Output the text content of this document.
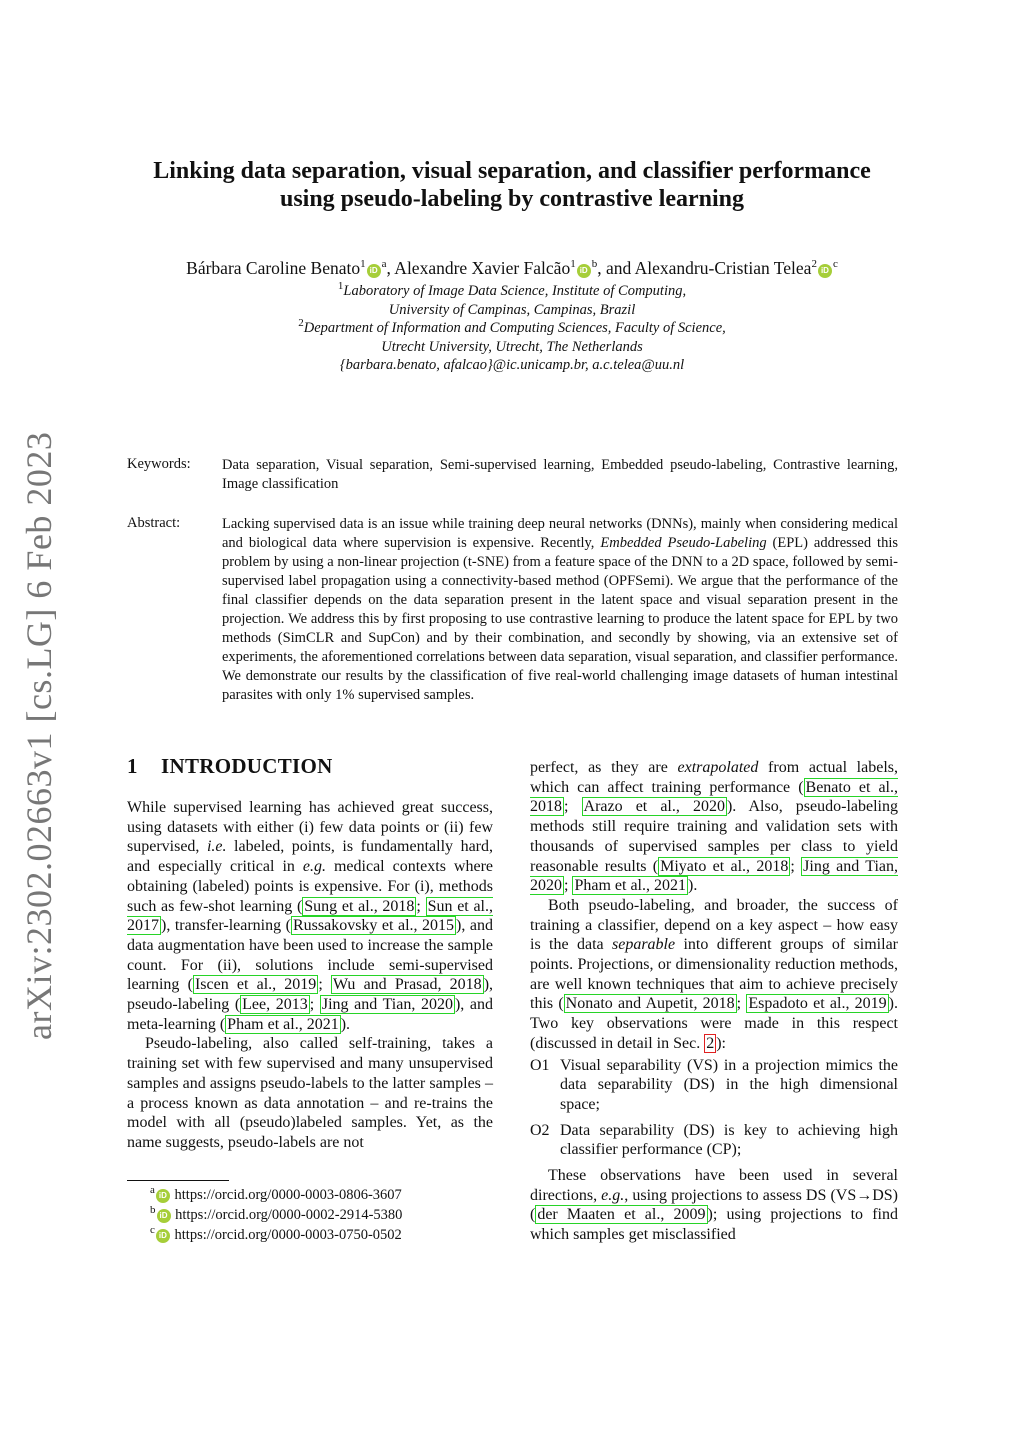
Linking data separation, visual separation, and classifier performance
using pseudo-labeling by contrastive learning
Bárbara Caroline $Benato^1iD^a$, Alexandre Xavier $Falcão^1iD^b$, and Alexandru-Cristian $Telea^2iD^c$
$^1$Laboratory of Image Data Science, Institute of Computing,
University of Campinas, Campinas, Brazil
$^2$Department of Information and Computing Sciences, Faculty of Science,
Utrecht University, Utrecht, The Netherlands
{barbara.benato, afalcao}@ic.unicamp.br, a.c.telea@uu.nl
Keywords: Data separation, Visual separation, Semi-supervised learning, Embedded pseudo-labeling, Contrastive learning, Image classification
Abstract:	Lacking supervised data is an issue while training deep neural networks (DNNs), mainly when considering medical and biological data where supervision is expensive. Recently, Embedded Pseudo-Labeling (EPL) addressed this problem by using a non-linear projection (t-SNE) from a feature space of the DNN to a 2D space, followed by semi-supervised label propagation using a connectivity-based method (OPFSemi). We argue that the performance of the final classifier depends on the data separation present in the latent space and visual separation present in the projection. We address this by first proposing to use contrastive learning to produce the latent space for EPL by two methods (SimCLR and SupCon) and by their combination, and secondly by showing, via an extensive set of experiments, the aforementioned correlations between data separation, visual separation, and classifier performance. We demonstrate our results by the classification of five real-world challenging image datasets of human intestinal parasites with only 1% supervised samples.
arXiv:2302.02663v1 [cs.LG] 6 Feb 2023	1 INTRODUCTION

While supervised learning has achieved great success, using datasets with either (i) few data points or (ii) few supervised, i.e. labeled, points, is fundamentally hard, and especially critical in e.g. medical contexts where obtaining (labeled) points is expensive. For (i), methods such as few-shot learning ( Sung et al., 2018 ; Sun et al., 2017 ), transfer-learning ( Russakovsky et al., 2015 ), and data augmentation have been used to increase the sample count. For (ii), solutions include semi-supervised learning ( Iscen et al., 2019 ; Wu and Prasad, 2018 ), pseudo-labeling ( Lee, 2013 ; Jing and Tian, 2020 ), and meta-learning ( Pham et al., 2021 ).

Pseudo-labeling, also called self-training, takes a training set with few supervised and many unsupervised samples and assigns pseudo-labels to the latter samples – a process known as data annotation – and re-trains the model with all (pseudo)labeled samples. Yet, as the name suggests, pseudo-labels are not

perfect, as they are extrapolated from actual labels, which can affect training performance ( Benato et al., 2018 ; Arazo et al., 2020 ). Also, pseudo-labeling methods still require training and validation sets with thousands of supervised samples per class to yield reasonable results ( Miyato et al., 2018 ; Jing and Tian, 2020 ; Pham et al., 2021 ).

Both pseudo-labeling, and broader, the success of training a classifier, depend on a key aspect – how easy is the data separable into different groups of similar points. Projections, or dimensionality reduction methods, are well known techniques that aim to achieve precisely this ( Nonato and Aupetit, 2018 ; Espadoto et al., 2019 ). Two key observations were made in this respect (discussed in detail in Sec. 2 ):

O1 Visual separability (VS) in a projection mimics the data separability (DS) in the high dimensional space;
O2 Data separability (DS) is key to achieving high classifier performance (CP);

These observations have been used in several directions, e.g., using projections to assess DS (VS→DS) ( der Maaten et al., 2009 ); using projections to find which samples get misclassified

$^a$ iD https://orcid.org/0000-0003-0806-3607
$^b$ iD https://orcid.org/0000-0002-2914-5380
$^c$ iD https://orcid.org/0000-0003-0750-0502
